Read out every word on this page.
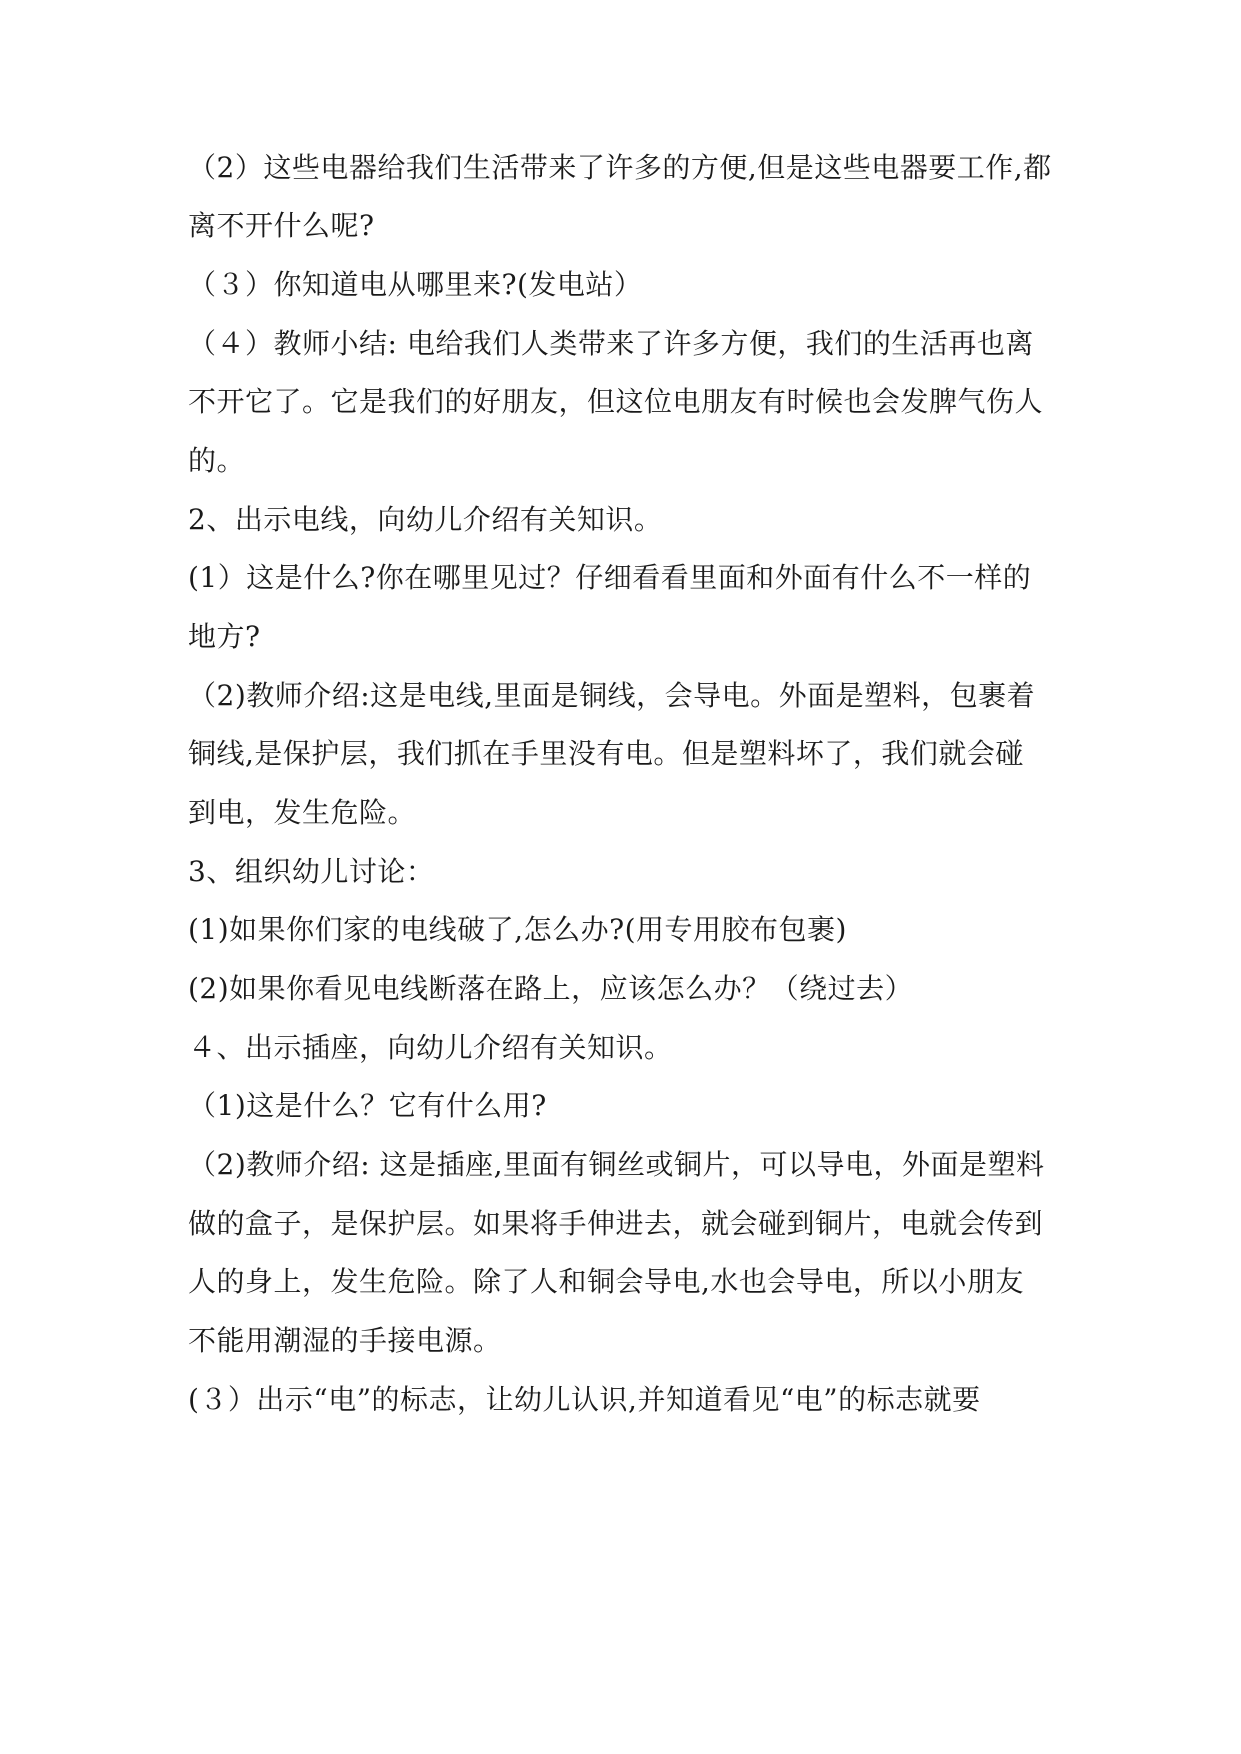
（2）这些电器给我们生活带来了许多的方便,但是这些电器要工作,都
离不开什么呢?
（３）你知道电从哪里来?(发电站）
（４）教师小结: 电给我们人类带来了许多方便，我们的生活再也离
不开它了。它是我们的好朋友，但这位电朋友有时候也会发脾气伤人
的。
2、出示电线，向幼儿介绍有关知识。
(1）这是什么?你在哪里见过？仔细看看里面和外面有什么不一样的
地方?
（2)教师介绍:这是电线,里面是铜线，会导电。外面是塑料，包裹着
铜线,是保护层，我们抓在手里没有电。但是塑料坏了，我们就会碰
到电，发生危险。
3、组织幼儿讨论：
(1)如果你们家的电线破了,怎么办?(用专用胶布包裹)
(2)如果你看见电线断落在路上，应该怎么办？（绕过去）
４、出示插座，向幼儿介绍有关知识。
（1)这是什么？它有什么用?
（2)教师介绍: 这是插座,里面有铜丝或铜片，可以导电，外面是塑料
做的盒子，是保护层。如果将手伸进去，就会碰到铜片，电就会传到
人的身上，发生危险。除了人和铜会导电,水也会导电，所以小朋友
不能用潮湿的手接电源。
(３）出示“电”的标志，让幼儿认识,并知道看见“电”的标志就要
